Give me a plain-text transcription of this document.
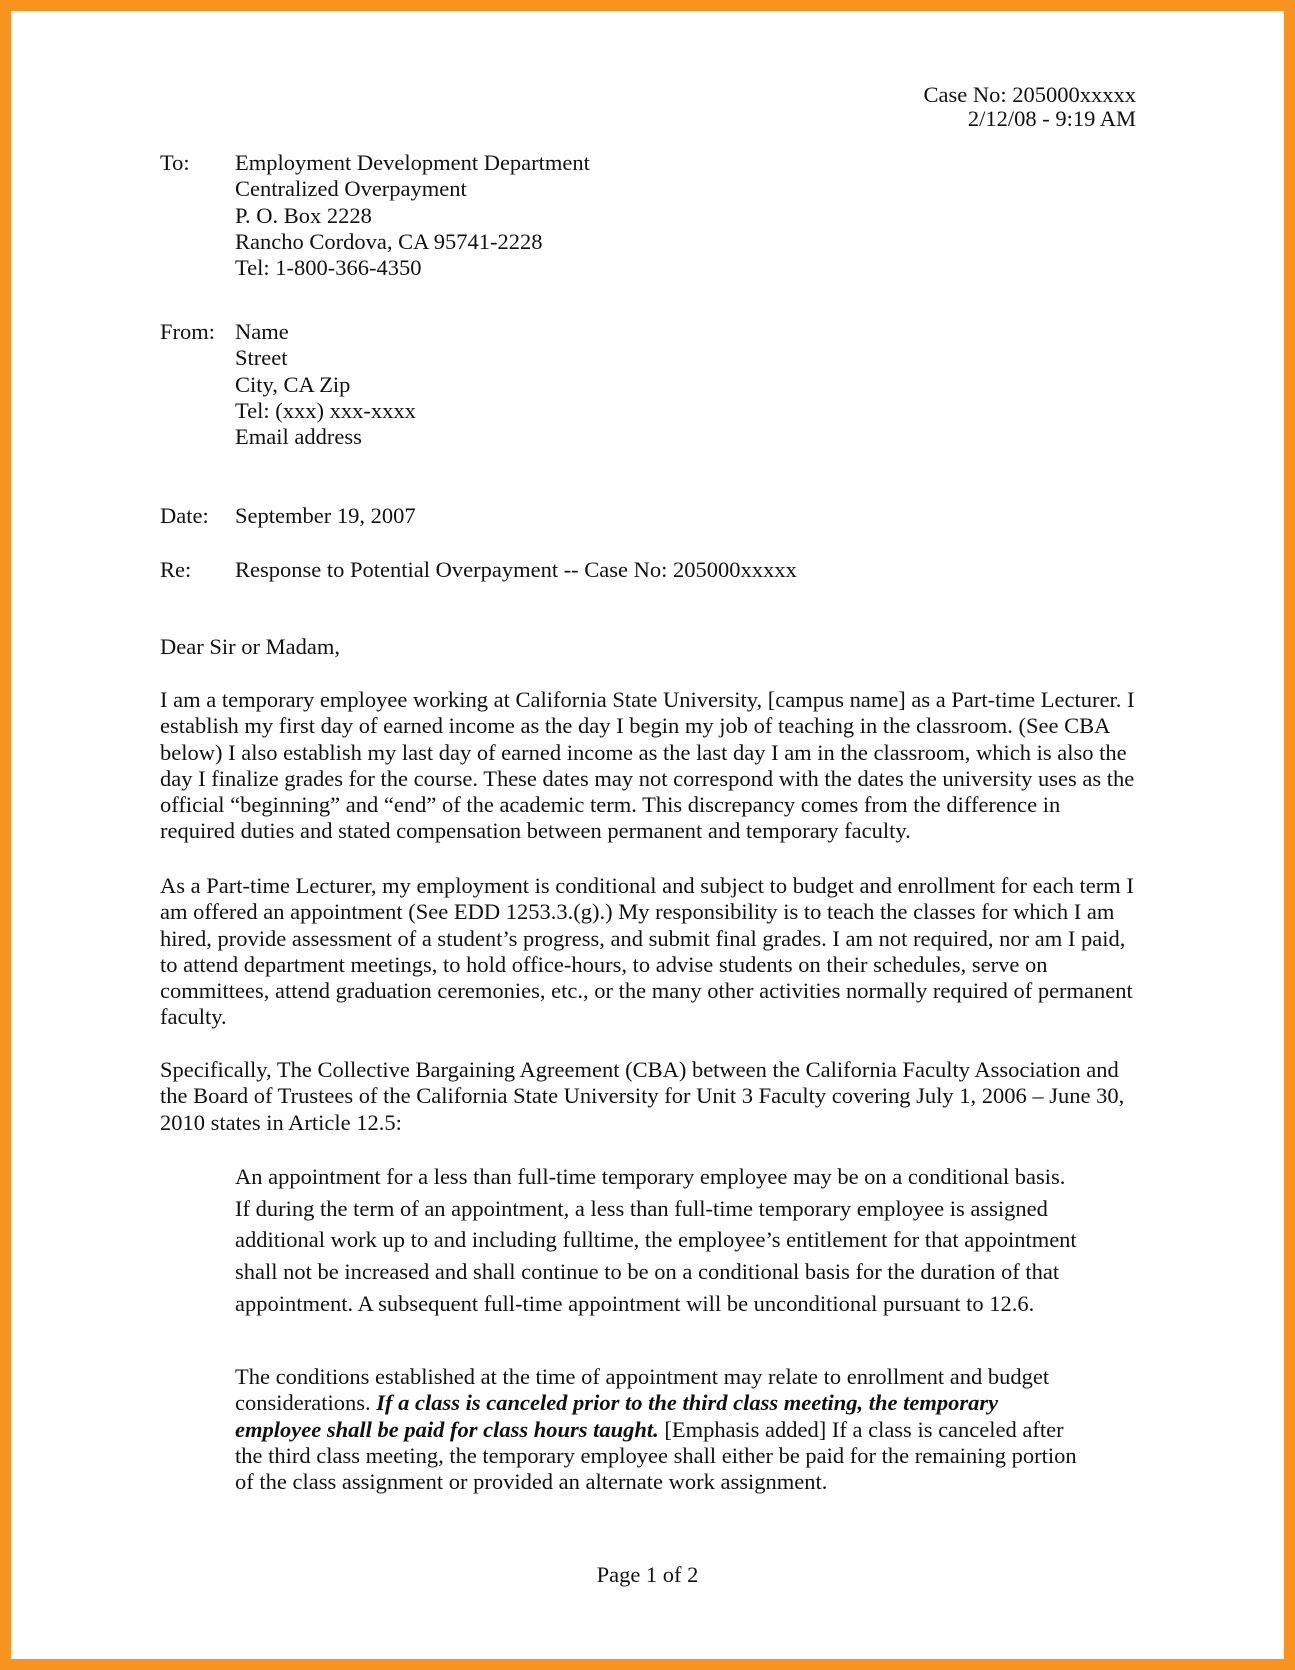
Case No: 205000xxxxx
2/12/08 - 9:19 AM
To: Employment Development Department
Centralized Overpayment
P. O. Box 2228
Rancho Cordova, CA 95741-2228
Tel: 1-800-366-4350
From: Name
Street
City, CA Zip
Tel: (xxx) xxx-xxxx
Email address
Date: September 19, 2007
Re: Response to Potential Overpayment -- Case No: 205000xxxxx
Dear Sir or Madam,

I am a temporary employee working at California State University, [campus name] as a Part-time Lecturer. I establish my first day of earned income as the day I begin my job of teaching in the classroom. (See CBA below) I also establish my last day of earned income as the last day I am in the classroom, which is also the day I finalize grades for the course. These dates may not correspond with the dates the university uses as the official “beginning” and “end” of the academic term. This discrepancy comes from the difference in required duties and stated compensation between permanent and temporary faculty.

As a Part-time Lecturer, my employment is conditional and subject to budget and enrollment for each term I am offered an appointment (See EDD 1253.3.(g).) My responsibility is to teach the classes for which I am hired, provide assessment of a student’s progress, and submit final grades. I am not required, nor am I paid, to attend department meetings, to hold office-hours, to advise students on their schedules, serve on committees, attend graduation ceremonies, etc., or the many other activities normally required of permanent faculty.

Specifically, The Collective Bargaining Agreement (CBA) between the California Faculty Association and the Board of Trustees of the California State University for Unit 3 Faculty covering July 1, 2006 – June 30, 2010 states in Article 12.5:

An appointment for a less than full-time temporary employee may be on a conditional basis. If during the term of an appointment, a less than full-time temporary employee is assigned additional work up to and including fulltime, the employee’s entitlement for that appointment shall not be increased and shall continue to be on a conditional basis for the duration of that appointment. A subsequent full-time appointment will be unconditional pursuant to 12.6.

The conditions established at the time of appointment may relate to enrollment and budget considerations. If a class is canceled prior to the third class meeting, the temporary employee shall be paid for class hours taught. [Emphasis added] If a class is canceled after the third class meeting, the temporary employee shall either be paid for the remaining portion of the class assignment or provided an alternate work assignment.

Page 1 of 2
